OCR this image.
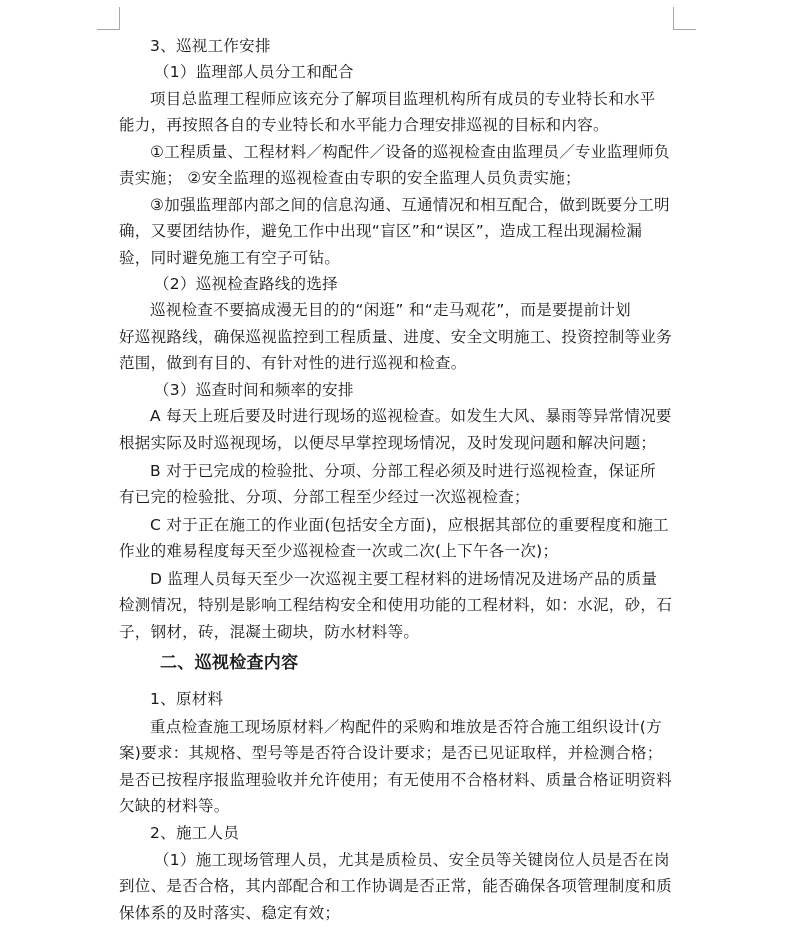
3、巡视工作安排
（1）监理部人员分工和配合
项目总监理工程师应该充分了解项目监理机构所有成员的专业特长和水平
能力，再按照各自的专业特长和水平能力合理安排巡视的目标和内容。
①工程质量、工程材料／构配件／设备的巡视检查由监理员／专业监理师负
责实施； ②安全监理的巡视检查由专职的安全监理人员负责实施；
③加强监理部内部之间的信息沟通、互通情况和相互配合，做到既要分工明
确，又要团结协作，避免工作中出现“盲区”和“误区”，造成工程出现漏检漏
验，同时避免施工有空子可钻。
（2）巡视检查路线的选择
巡视检查不要搞成漫无目的的“闲逛” 和“走马观花”，而是要提前计划
好巡视路线，确保巡视监控到工程质量、进度、安全文明施工、投资控制等业务
范围，做到有目的、有针对性的进行巡视和检查。
（3）巡查时间和频率的安排
A 每天上班后要及时进行现场的巡视检查。如发生大风、暴雨等异常情况要
根据实际及时巡视现场，以便尽早掌控现场情况，及时发现问题和解决问题；
B 对于已完成的检验批、分项、分部工程必须及时进行巡视检查，保证所
有已完的检验批、分项、分部工程至少经过一次巡视检查；
C 对于正在施工的作业面(包括安全方面)，应根据其部位的重要程度和施工
作业的难易程度每天至少巡视检查一次或二次(上下午各一次)；
D 监理人员每天至少一次巡视主要工程材料的进场情况及进场产品的质量
检测情况，特别是影响工程结构安全和使用功能的工程材料，如：水泥，砂，石
子，钢材，砖，混凝土砌块，防水材料等。
二、巡视检查内容
1、原材料
重点检查施工现场原材料／构配件的采购和堆放是否符合施工组织设计(方
案)要求：其规格、型号等是否符合设计要求；是否已见证取样，并检测合格；
是否已按程序报监理验收并允许使用；有无使用不合格材料、质量合格证明资料
欠缺的材料等。
2、施工人员
（1）施工现场管理人员，尤其是质检员、安全员等关键岗位人员是否在岗
到位、是否合格，其内部配合和工作协调是否正常，能否确保各项管理制度和质
保体系的及时落实、稳定有效；
